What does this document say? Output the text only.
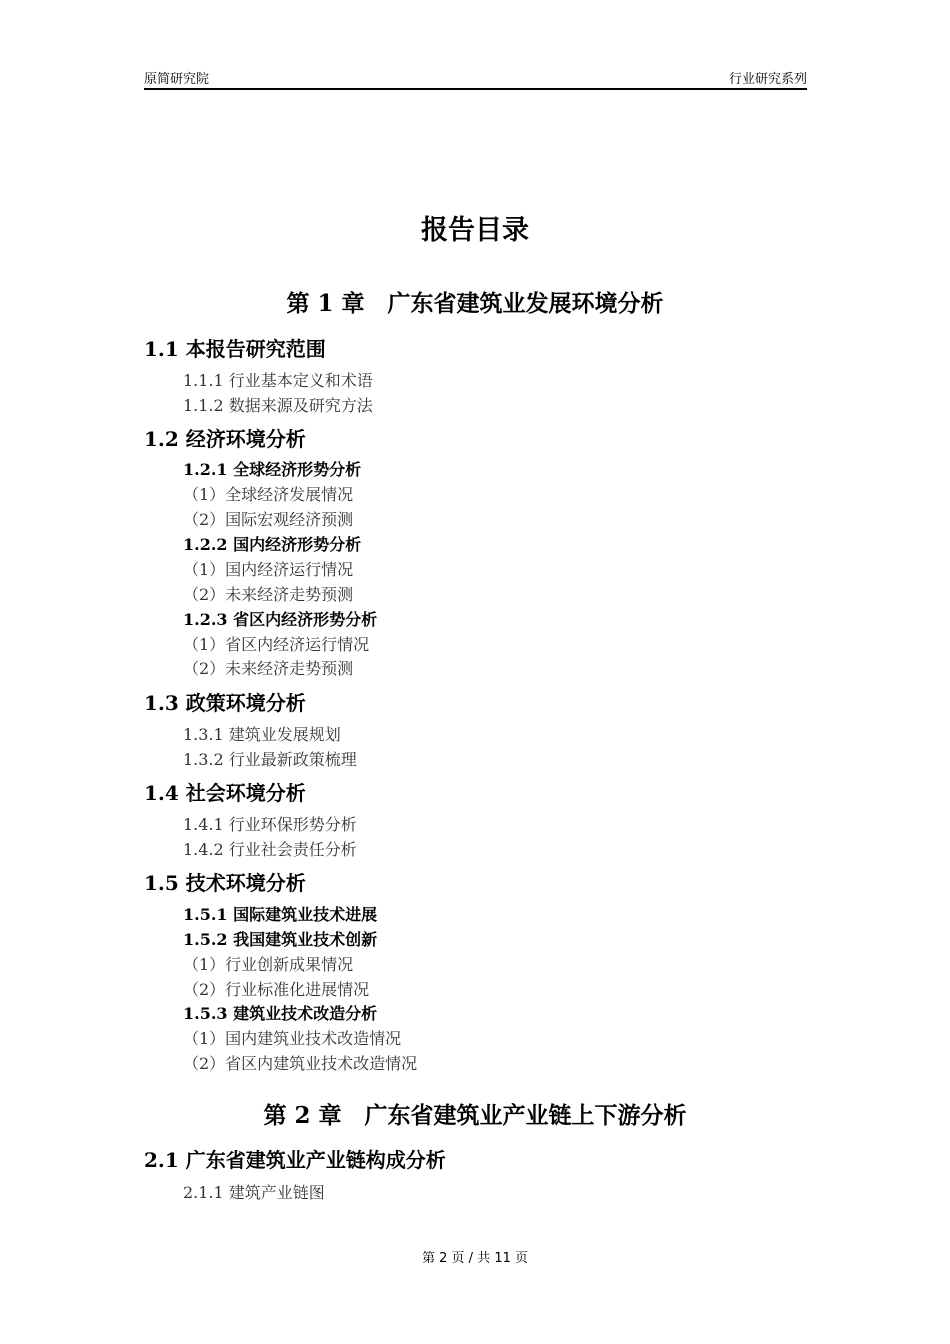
原简研究院	行业研究系列
报告目录
第 1 章　广东省建筑业发展环境分析
1.1 本报告研究范围
1.1.1 行业基本定义和术语
1.1.2 数据来源及研究方法
1.2 经济环境分析
1.2.1 全球经济形势分析
（1）全球经济发展情况
（2）国际宏观经济预测
1.2.2 国内经济形势分析
（1）国内经济运行情况
（2）未来经济走势预测
1.2.3 省区内经济形势分析
（1）省区内经济运行情况
（2）未来经济走势预测
1.3 政策环境分析
1.3.1 建筑业发展规划
1.3.2 行业最新政策梳理
1.4 社会环境分析
1.4.1 行业环保形势分析
1.4.2 行业社会责任分析
1.5 技术环境分析
1.5.1 国际建筑业技术进展
1.5.2 我国建筑业技术创新
（1）行业创新成果情况
（2）行业标准化进展情况
1.5.3 建筑业技术改造分析
（1）国内建筑业技术改造情况
（2）省区内建筑业技术改造情况
第 2 章　广东省建筑业产业链上下游分析
2.1 广东省建筑业产业链构成分析
2.1.1 建筑产业链图
第 2 页 / 共 11 页
